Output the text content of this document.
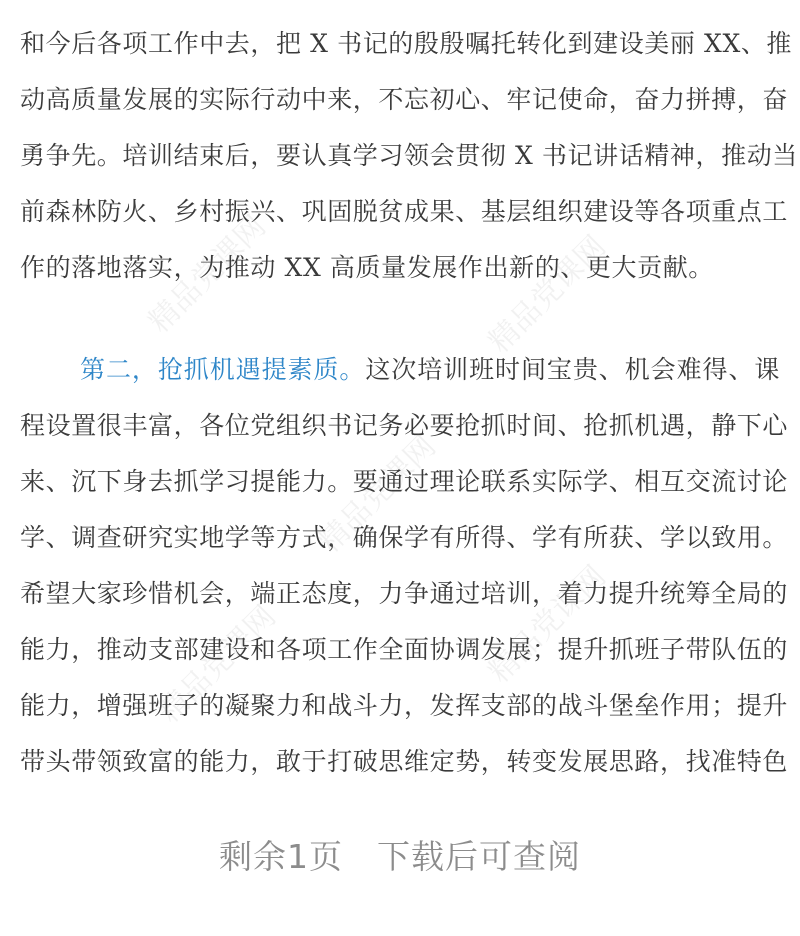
和今后各项工作中去，把 X 书记的殷殷嘱托转化到建设美丽 XX、推
动高质量发展的实际行动中来，不忘初心、牢记使命，奋力拼搏，奋
勇争先。培训结束后，要认真学习领会贯彻 X 书记讲话精神，推动当
前森林防火、乡村振兴、巩固脱贫成果、基层组织建设等各项重点工
作的落地落实，为推动 XX 高质量发展作出新的、更大贡献。
第二，抢抓机遇提素质。这次培训班时间宝贵、机会难得、课
程设置很丰富，各位党组织书记务必要抢抓时间、抢抓机遇，静下心
来、沉下身去抓学习提能力。要通过理论联系实际学、相互交流讨论
学、调查研究实地学等方式，确保学有所得、学有所获、学以致用。
希望大家珍惜机会，端正态度，力争通过培训，着力提升统筹全局的
能力，推动支部建设和各项工作全面协调发展；提升抓班子带队伍的
能力，增强班子的凝聚力和战斗力，发挥支部的战斗堡垒作用；提升
带头带领致富的能力，敢于打破思维定势，转变发展思路，找准特色
精品党课网	精品党课网
精品党课网
精品党课网
精品党课网
剩余1页　下载后可查阅
